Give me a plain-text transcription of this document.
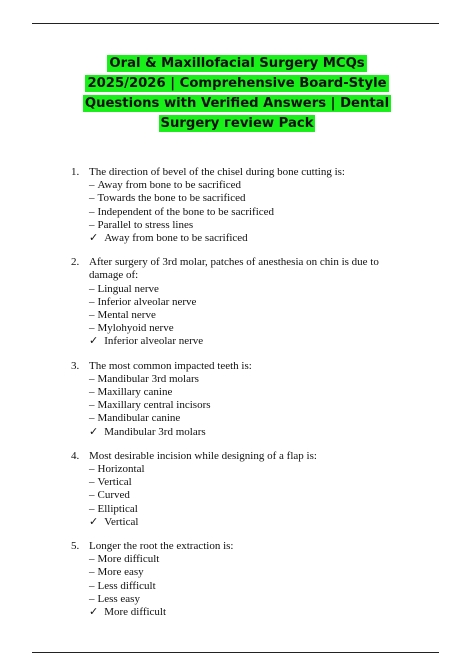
Oral & Maxillofacial Surgery MCQs 2025/2026 | Comprehensive Board-Style Questions with Verified Answers | Dental Surgery гeview Pack
1. The direction of bevel of the chisel during bone cutting is:
– Away from bone to be sacrificed
– Towards the bone to be sacrificed
– Independent of the bone to be sacrificed
– Parallel to stress lines
✓ Away from bone to be sacrificed
2. After surgery of 3rd molar, patches of anesthesia on chin is due to damage of:
– Lingual nerve
– Inferior alveolar nerve
– Mental nerve
– Mylohyoid nerve
✓ Inferior alveolar nerve
3. The most common impacted teeth is:
– Mandibular 3rd molars
– Maxillary canine
– Maxillary central incisors
– Mandibular canine
✓ Mandibular 3rd molars
4. Most desirable incision while designing of a flap is:
– Horizontal
– Vertical
– Curved
– Elliptical
✓ Vertical
5. Longer the root the extraction is:
– More difficult
– More easy
– Less difficult
– Less easy
✓ More difficult
